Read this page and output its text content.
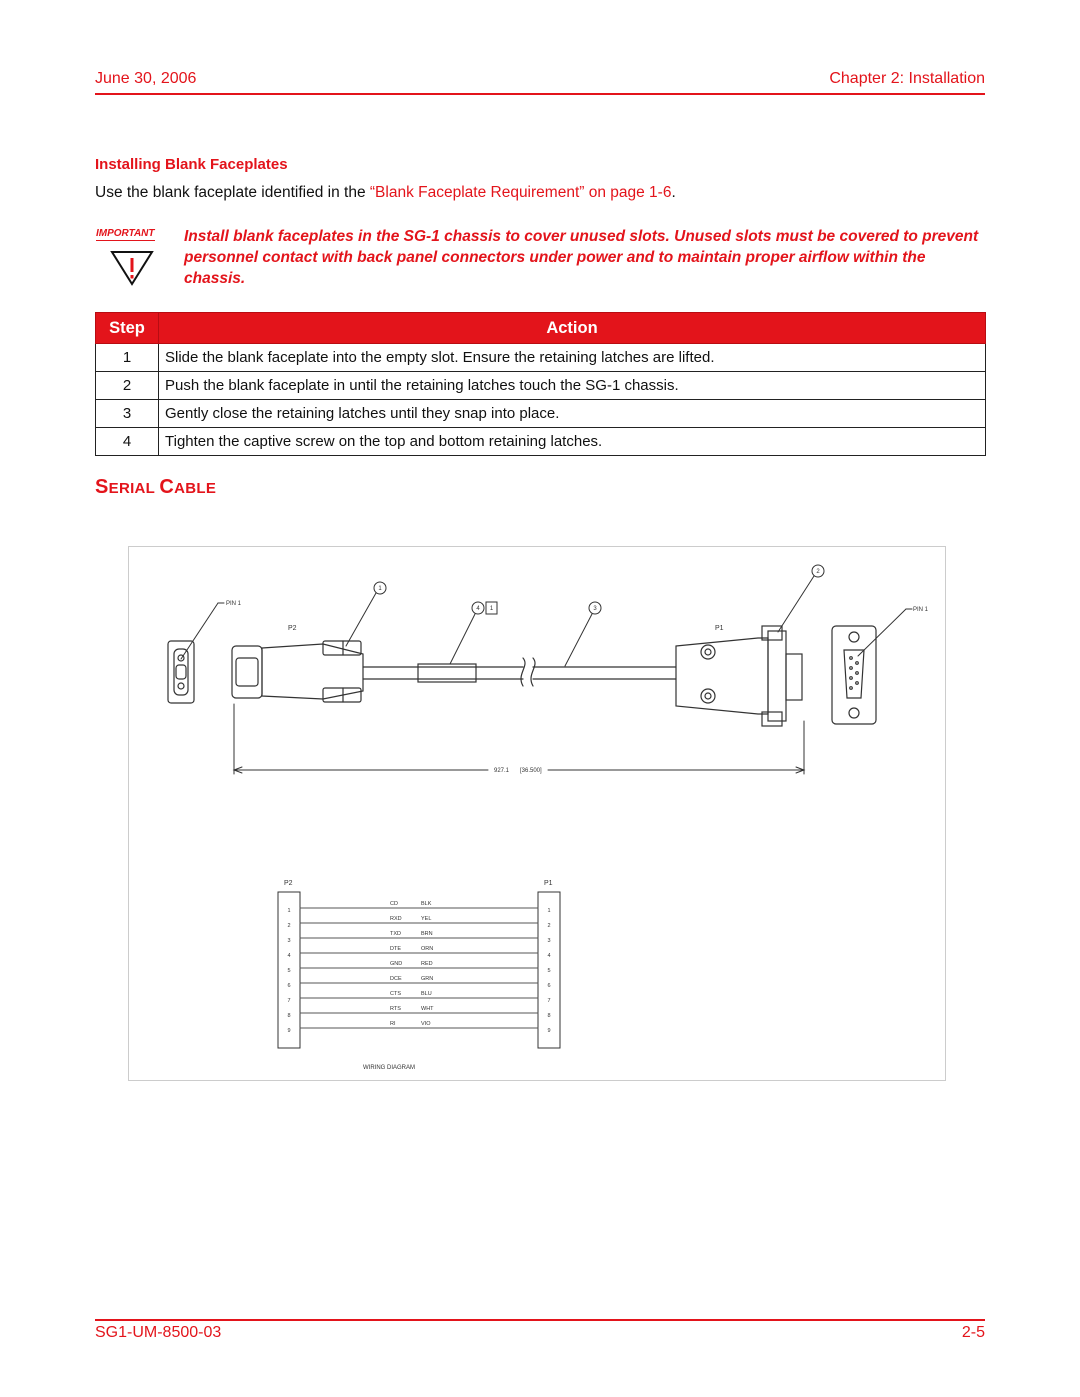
June 30, 2006	Chapter 2: Installation
Installing Blank Faceplates
Use the blank faceplate identified in the “Blank Faceplate Requirement” on page 1-6.
IMPORTANT Install blank faceplates in the SG-1 chassis to cover unused slots. Unused slots must be covered to prevent personnel contact with back panel connectors under power and to maintain proper airflow within the chassis.
Step	Action
1	Slide the blank faceplate into the empty slot. Ensure the retaining latches are lifted.
2	Push the blank faceplate in until the retaining latches touch the SG-1 chassis.
3	Gently close the retaining latches until they snap into place.
4	Tighten the captive screw on the top and bottom retaining latches.
SERIAL CABLE
PIN 1
P2	P1
PIN 1
1
2
3
4 1
927.1 [36.500]
P2	P1
1	1
CD	BLK
2	2
RXD	YEL
3	3
TXD	BRN
4	4
DTE	ORN
5	5
GND	RED
6	6
DCE	GRN
7	7
CTS	BLU
8	8
RTS	WHT
9	9
RI	VIO
WIRING DIAGRAM
SG1-UM-8500-03	2-5
